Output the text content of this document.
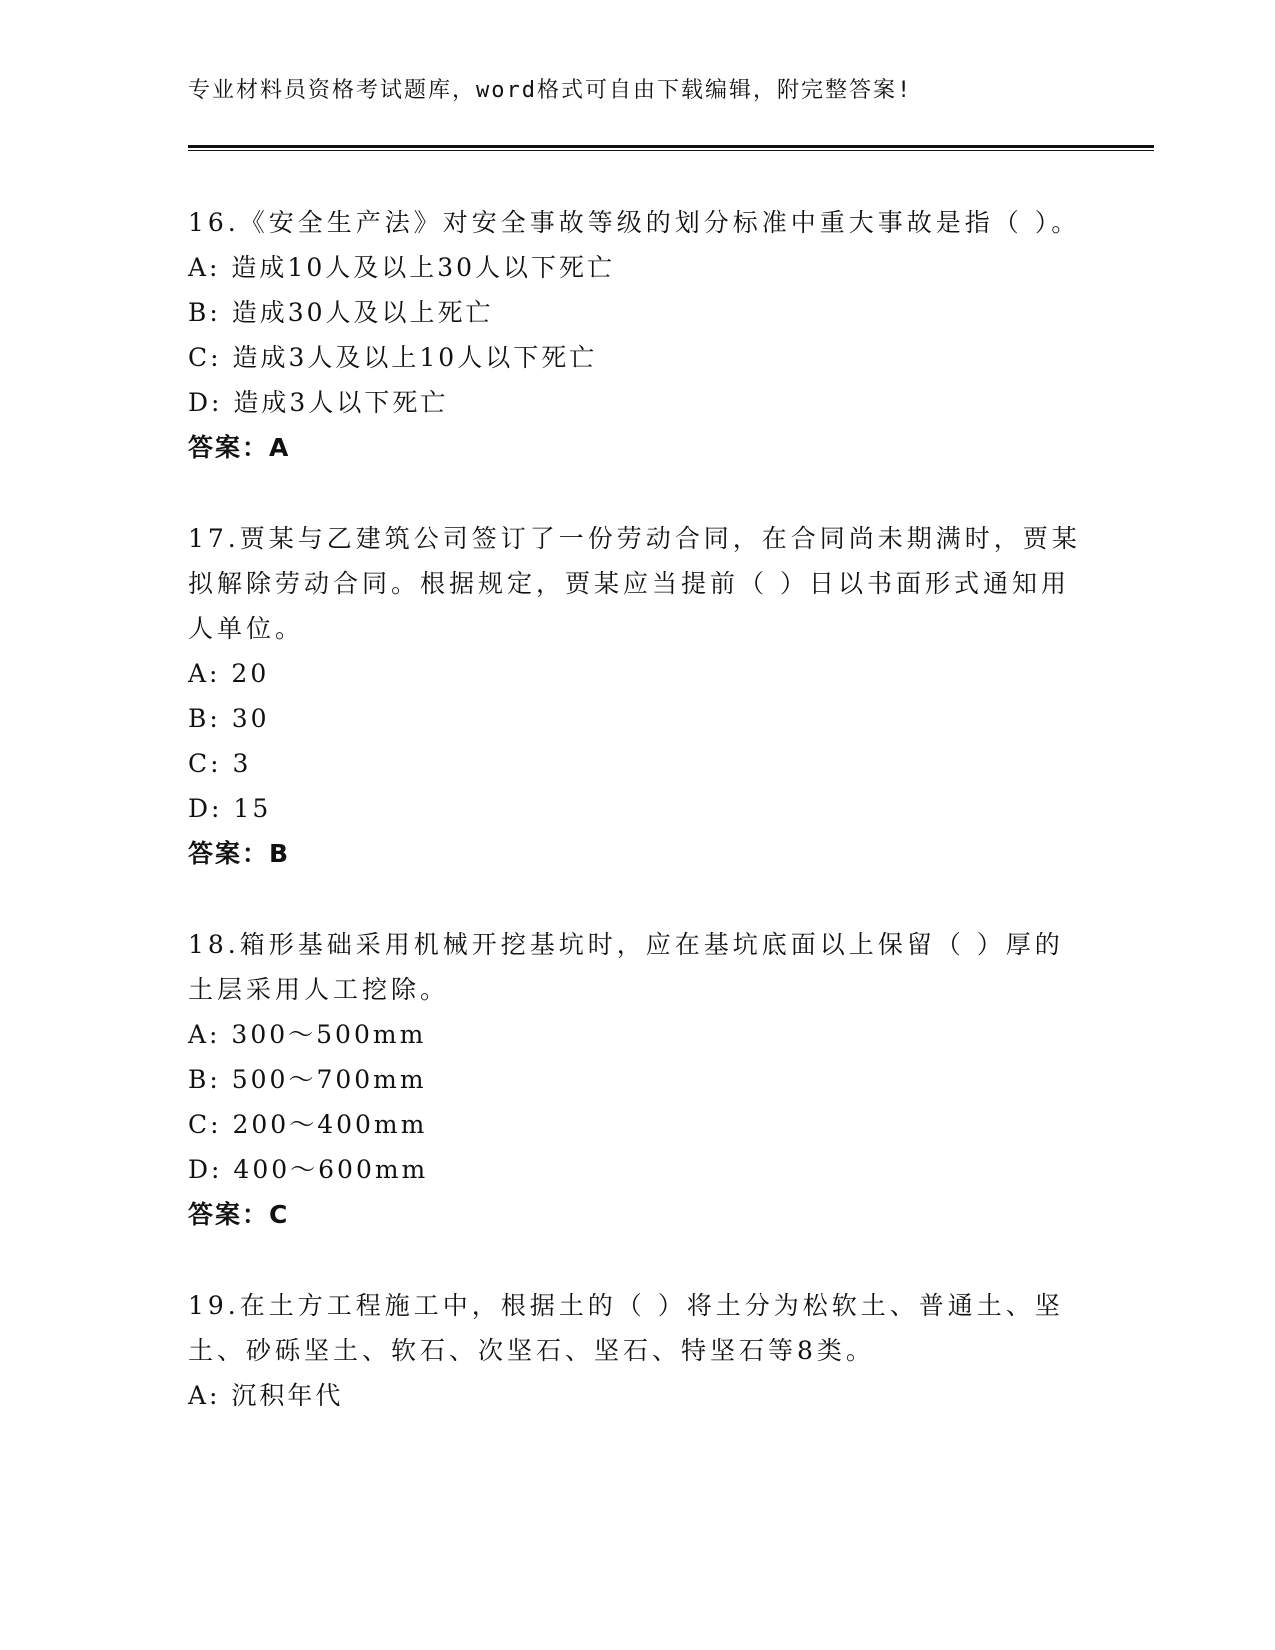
专业材料员资格考试题库，word格式可自由下载编辑，附完整答案!

16.《安全生产法》对安全事故等级的划分标准中重大事故是指（ ）。

A: 造成10人及以上30人以下死亡

B: 造成30人及以上死亡

C: 造成3人及以上10人以下死亡

D: 造成3人以下死亡

答案：A

17.贾某与乙建筑公司签订了一份劳动合同，在合同尚未期满时，贾某拟解除劳动合同。根据规定，贾某应当提前（ ）日以书面形式通知用人单位。

A: 20

B: 30

C: 3

D: 15

答案：B

18.箱形基础采用机械开挖基坑时，应在基坑底面以上保留（ ）厚的土层采用人工挖除。

A: 300～500mm

B: 500～700mm

C: 200～400mm

D: 400～600mm

答案：C

19.在土方工程施工中，根据土的（ ）将土分为松软土、普通土、坚土、砂砾坚土、软石、次坚石、坚石、特坚石等8类。

A: 沉积年代
